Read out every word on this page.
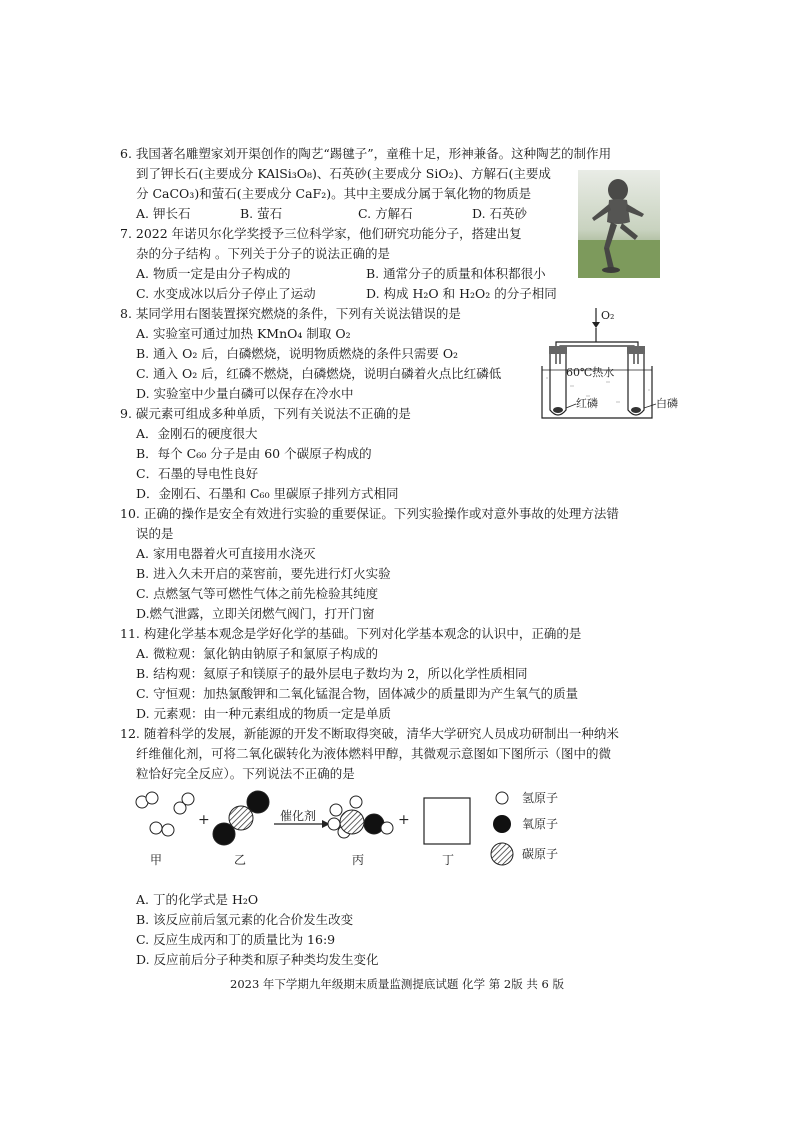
6. 我国著名雕塑家刘开渠创作的陶艺“踢毽子”，童稚十足，形神兼备。这种陶艺的制作用
到了钾长石(主要成分 KAlSi₃O₈)、石英砂(主要成分 SiO₂)、方解石(主要成
分 CaCO₃)和萤石(主要成分 CaF₂)。其中主要成分属于氧化物的物质是
A. 钾长石	B. 萤石	C. 方解石	D. 石英砂
7. 2022 年诺贝尔化学奖授予三位科学家，他们研究功能分子，搭建出复
杂的分子结构 。下列关于分子的说法正确的是
A. 物质一定是由分子构成的	B. 通常分子的质量和体积都很小
C. 水变成冰以后分子停止了运动	D. 构成 H₂O 和 H₂O₂ 的分子相同
8. 某同学用右图装置探究燃烧的条件，下列有关说法错误的是
A. 实验室可通过加热 KMnO₄ 制取 O₂
B. 通入 O₂ 后，白磷燃烧，说明物质燃烧的条件只需要 O₂
C. 通入 O₂ 后，红磷不燃烧，白磷燃烧，说明白磷着火点比红磷低
D. 实验室中少量白磷可以保存在冷水中
O₂
60℃热水
红磷	白磷
9. 碳元素可组成多种单质，下列有关说法不正确的是
A．金刚石的硬度很大
B．每个 C₆₀ 分子是由 60 个碳原子构成的
C．石墨的导电性良好
D．金刚石、石墨和 C₆₀ 里碳原子排列方式相同
10. 正确的操作是安全有效进行实验的重要保证。下列实验操作或对意外事故的处理方法错
误的是
A. 家用电器着火可直接用水浇灭
B. 进入久未开启的菜窖前，要先进行灯火实验
C. 点燃氢气等可燃性气体之前先检验其纯度
D.燃气泄露，立即关闭燃气阀门，打开门窗
11. 构建化学基本观念是学好化学的基础。下列对化学基本观念的认识中，正确的是
A. 微粒观：氯化钠由钠原子和氯原子构成的
B. 结构观：氦原子和镁原子的最外层电子数均为 2，所以化学性质相同
C. 守恒观：加热氯酸钾和二氧化锰混合物，固体减少的质量即为产生氧气的质量
D. 元素观：由一种元素组成的物质一定是单质
12. 随着科学的发展，新能源的开发不断取得突破，清华大学研究人员成功研制出一种纳米
纤维催化剂，可将二氧化碳转化为液体燃料甲醇，其微观示意图如下图所示（图中的微
粒恰好完全反应）。下列说法不正确的是
甲
+
乙
催化剂
丙
+
丁
氢原子
氧原子
碳原子
A. 丁的化学式是 H₂O
B. 该反应前后氢元素的化合价发生改变
C. 反应生成丙和丁的质量比为 16:9
D. 反应前后分子种类和原子种类均发生变化
2023 年下学期九年级期末质量监测提底试题 化学 第 2版 共 6 版
